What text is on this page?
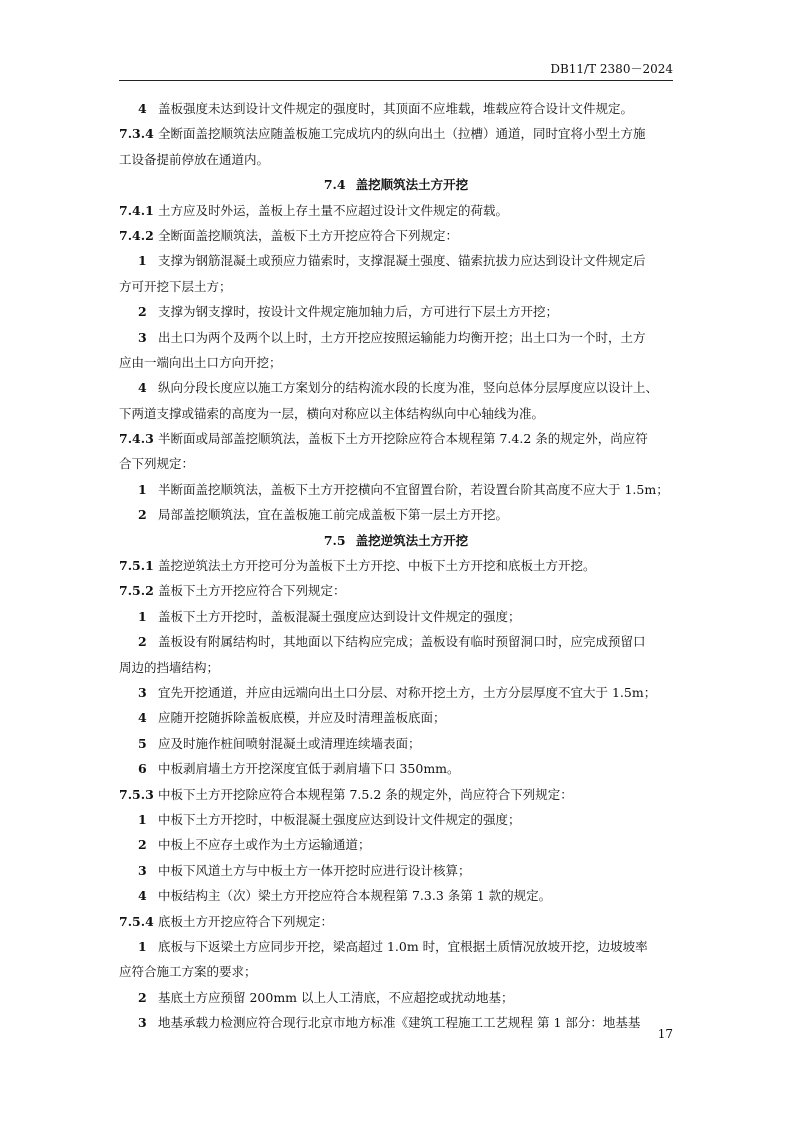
DB11/T 2380－2024
4 盖板强度未达到设计文件规定的强度时，其顶面不应堆载，堆载应符合设计文件规定。
7.3.4 全断面盖挖顺筑法应随盖板施工完成坑内的纵向出土（拉槽）通道，同时宜将小型土方施
工设备提前停放在通道内。
7.4 盖挖顺筑法土方开挖
7.4.1 土方应及时外运，盖板上存土量不应超过设计文件规定的荷载。
7.4.2 全断面盖挖顺筑法，盖板下土方开挖应符合下列规定：
1 支撑为钢筋混凝土或预应力锚索时，支撑混凝土强度、锚索抗拔力应达到设计文件规定后
方可开挖下层土方；
2 支撑为钢支撑时，按设计文件规定施加轴力后，方可进行下层土方开挖；
3 出土口为两个及两个以上时，土方开挖应按照运输能力均衡开挖；出土口为一个时，土方
应由一端向出土口方向开挖；
4 纵向分段长度应以施工方案划分的结构流水段的长度为准，竖向总体分层厚度应以设计上、
下两道支撑或锚索的高度为一层，横向对称应以主体结构纵向中心轴线为准。
7.4.3 半断面或局部盖挖顺筑法，盖板下土方开挖除应符合本规程第 7.4.2 条的规定外，尚应符
合下列规定：
1 半断面盖挖顺筑法，盖板下土方开挖横向不宜留置台阶，若设置台阶其高度不应大于 1.5m；
2 局部盖挖顺筑法，宜在盖板施工前完成盖板下第一层土方开挖。
7.5 盖挖逆筑法土方开挖
7.5.1 盖挖逆筑法土方开挖可分为盖板下土方开挖、中板下土方开挖和底板土方开挖。
7.5.2 盖板下土方开挖应符合下列规定：
1 盖板下土方开挖时，盖板混凝土强度应达到设计文件规定的强度；
2 盖板设有附属结构时，其地面以下结构应完成；盖板设有临时预留洞口时，应完成预留口
周边的挡墙结构；
3 宜先开挖通道，并应由远端向出土口分层、对称开挖土方，土方分层厚度不宜大于 1.5m；
4 应随开挖随拆除盖板底模，并应及时清理盖板底面；
5 应及时施作桩间喷射混凝土或清理连续墙表面；
6 中板剥肩墙土方开挖深度宜低于剥肩墙下口 350mm。
7.5.3 中板下土方开挖除应符合本规程第 7.5.2 条的规定外，尚应符合下列规定：
1 中板下土方开挖时，中板混凝土强度应达到设计文件规定的强度；
2 中板上不应存土或作为土方运输通道；
3 中板下风道土方与中板土方一体开挖时应进行设计核算；
4 中板结构主（次）梁土方开挖应符合本规程第 7.3.3 条第 1 款的规定。
7.5.4 底板土方开挖应符合下列规定：
1 底板与下返梁土方应同步开挖，梁高超过 1.0m 时，宜根据土质情况放坡开挖，边坡坡率
应符合施工方案的要求；
2 基底土方应预留 200mm 以上人工清底，不应超挖或扰动地基；
3 地基承载力检测应符合现行北京市地方标准《建筑工程施工工艺规程 第 1 部分：地基基
17
